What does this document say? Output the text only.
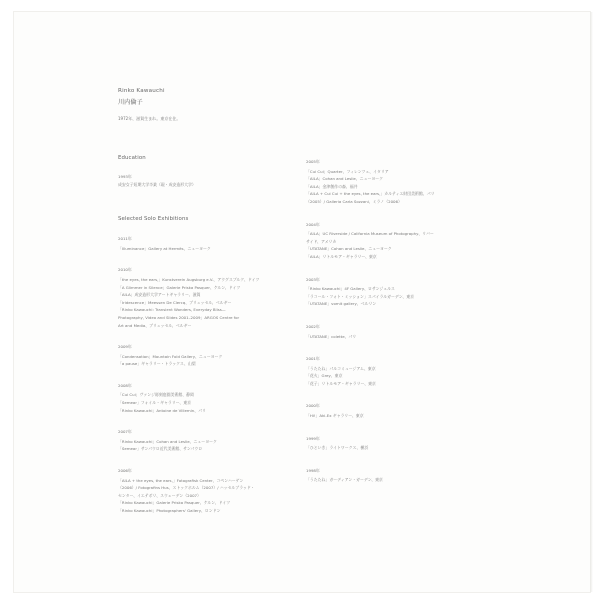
Rinko Kawauchi
川内倫子
1972年、滋賀生まれ。東京在住。
Education
1993年
成安女子短期大学卒業（現・成安造形大学）
Selected Solo Exhibitions
2011年
「Illuminance」Gallery at Hermès、ニューヨーク
2010年
「the eyes, the ears,」Kunstverein Augsburg e.V.、アウグスブルク、ドイツ
「A Glimmer in Silence」Galerie Priska Pasquer、ケルン、ドイツ
「AILA」成安造形大学アートギャラリー、滋賀
「Iridescence」Meessen De Clercq、ブリュッセル、ベルギー
「Rinko Kawauchi: Transient Wonders, Everyday Bliss—
Photography, Video and Slides 2001–2009」ARGOS Centre for
Art and Media、ブリュッセル、ベルギー
2009年
「Condensation」Mountain Fold Gallery、ニューヨーク
「a pause」ギャラリー・トラックス、山梨
2008年
「Cui Cui」ヴァンジ彫刻庭園美術館、静岡
「Semear」フォイル・ギャラリー、東京
「Rinko Kawauchi」Antoine de Villemin、パリ
2007年
「Rinko Kawauchi」Cohan and Leslie、ニューヨーク
「Semear」サンパウロ近代美術館、サンパウロ
2006年
「AILA + the eyes, the ears,」Fotografisk Center、コペンハーゲン
（2006）/ Fotografins Hus、ストックホルム（2007）/ ハッセルブラッド・
センター、イエテボリ、スウェーデン（2007）
「Rinko Kawauchi」Galerie Priska Pasquer、ケルン、ドイツ
「Rinko Kawauchi」Photographers' Gallery、ロンドン
2005年
「Cui Cui」Quarter、フィレンツェ、イタリア
「AILA」Cohan and Leslie、ニューヨーク
「AILA」金津創作の森、福井
「AILA + Cui Cui + the eyes, the ears,」カルティエ財団美術館、パリ
（2005）/ Galleria Carla Sozzani、ミラノ（2006）
2004年
「AILA」UC Riverside / California Museum of Photography、リバー
サイド、アメリカ
「UTATANE」Cohan and Leslie、ニューヨーク
「AILA」リトルモア・ギャラリー、東京
2003年
「Rinko Kawauchi」4F Gallery、ロサンジェルス
「ラコール・フォト・ミッション」スパイラルガーデン、東京
「UTATANE」vomit gallery、ベルリン
2002年
「UTATANE」colette、パリ
2001年
「うたたね」パルコミュージアム、東京
「花火」Grey、東京
「花子」リトルモア・ギャラリー、東京
2000年
「Hi!」Aki-Ex ギャラリー、東京
1999年
「ひといき」ライトワークス、横浜
1998年
「うたたね」ガーディアン・ガーデン、東京
